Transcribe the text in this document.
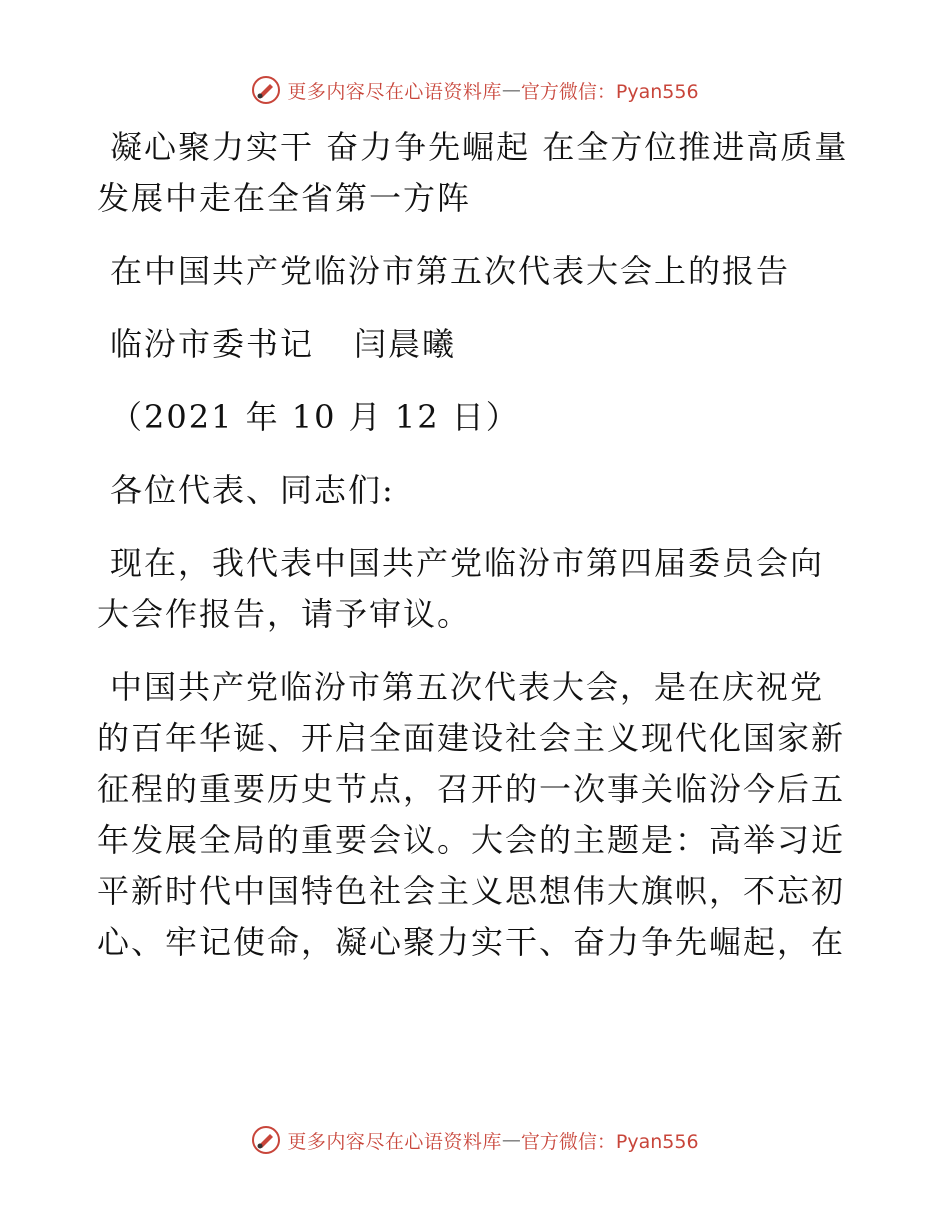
更多内容尽在心语资料库 — 官方微信：Pyan556

凝心聚力实干 奋力争先崛起 在全方位推进高质量发展中走在全省第一方阵

在中国共产党临汾市第五次代表大会上的报告

临汾市委书记 闫晨曦

（2021 年 10 月 12 日）

各位代表、同志们:

现在，我代表中国共产党临汾市第四届委员会向大会作报告，请予审议。

中国共产党临汾市第五次代表大会，是在庆祝党的百年华诞、开启全面建设社会主义现代化国家新征程的重要历史节点，召开的一次事关临汾今后五年发展全局的重要会议。大会的主题是：高举习近平新时代中国特色社会主义思想伟大旗帜，不忘初心、牢记使命，凝心聚力实干、奋力争先崛起，在

更多内容尽在心语资料库 — 官方微信：Pyan556
